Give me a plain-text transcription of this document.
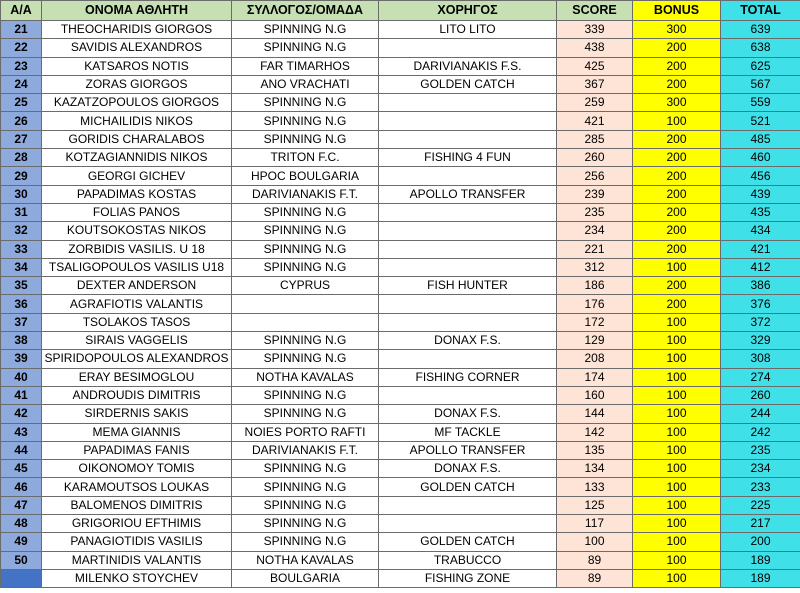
A/A	ΟΝΟΜΑ ΑΘΛΗΤΗ	ΣΥΛΛΟΓΟΣ/ΟΜΑΔΑ	ΧΟΡΗΓΟΣ	SCORE	BONUS	TOTAL
21	THEOCHARIDIS GIORGOS	SPINNING N.G	LITO LITO	339	300	639
22	SAVIDIS ALEXANDROS	SPINNING N.G		438	200	638
23	KATSAROS NOTIS	FAR TIMARHOS	DARIVIANAKIS F.S.	425	200	625
24	ZORAS GIORGOS	ANO VRACHATI	GOLDEN CATCH	367	200	567
25	KAZATZOPOULOS GIORGOS	SPINNING N.G		259	300	559
26	MICHAILIDIS NIKOS	SPINNING N.G		421	100	521
27	GORIDIS CHARALABOS	SPINNING N.G		285	200	485
28	KOTZAGIANNIDIS NIKOS	TRITON F.C.	FISHING 4 FUN	260	200	460
29	GEORGI GICHEV	HPOC BOULGARIA		256	200	456
30	PAPADIMAS KOSTAS	DARIVIANAKIS F.T.	APOLLO TRANSFER	239	200	439
31	FOLIAS PANOS	SPINNING N.G		235	200	435
32	KOUTSOKOSTAS NIKOS	SPINNING N.G		234	200	434
33	ZORBIDIS VASILIS. U 18	SPINNING N.G		221	200	421
34	TSALIGOPOULOS VASILIS U18	SPINNING N.G		312	100	412
35	DEXTER ANDERSON	CYPRUS	FISH HUNTER	186	200	386
36	AGRAFIOTIS VALANTIS			176	200	376
37	TSOLAKOS TASOS			172	100	372
38	SIRAIS VAGGELIS	SPINNING N.G	DONAX F.S.	129	100	329
39	SPIRIDOPOULOS ALEXANDROS	SPINNING N.G		208	100	308
40	ERAY BESIMOGLOU	NOTHA KAVALAS	FISHING CORNER	174	100	274
41	ANDROUDIS DIMITRIS	SPINNING N.G		160	100	260
42	SIRDERNIS SAKIS	SPINNING N.G	DONAX F.S.	144	100	244
43	MEMA GIANNIS	NOIES PORTO RAFTI	MF TACKLE	142	100	242
44	PAPADIMAS FANIS	DARIVIANAKIS F.T.	APOLLO TRANSFER	135	100	235
45	OIKONOMOY TOMIS	SPINNING N.G	DONAX F.S.	134	100	234
46	KARAMOUTSOS LOUKAS	SPINNING N.G	GOLDEN CATCH	133	100	233
47	BALOMENOS DIMITRIS	SPINNING N.G		125	100	225
48	GRIGORIOU EFTHIMIS	SPINNING N.G		117	100	217
49	PANAGIOTIDIS VASILIS	SPINNING N.G	GOLDEN CATCH	100	100	200
50	MARTINIDIS VALANTIS	NOTHA KAVALAS	TRABUCCO	89	100	189
	MILENKO STOYCHEV	BOULGARIA	FISHING ZONE	89	100	189
